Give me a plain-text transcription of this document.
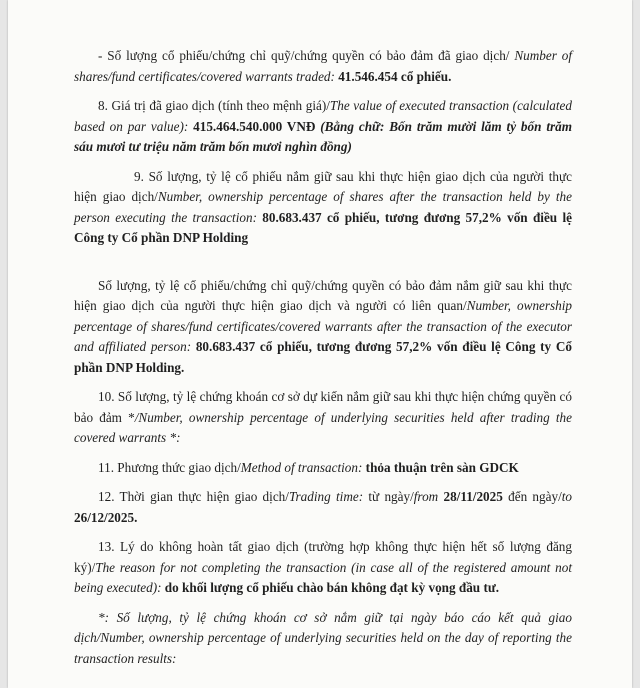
- Số lượng cổ phiếu/chứng chỉ quỹ/chứng quyền có bảo đảm đã giao dịch/ Number of shares/fund certificates/covered warrants traded: 41.546.454 cổ phiếu.

8. Giá trị đã giao dịch (tính theo mệnh giá)/The value of executed transaction (calculated based on par value): 415.464.540.000 VNĐ (Bằng chữ: Bốn trăm mười lăm tỷ bốn trăm sáu mươi tư triệu năm trăm bốn mươi nghìn đồng)

9. Số lượng, tỷ lệ cổ phiếu nắm giữ sau khi thực hiện giao dịch của người thực hiện giao dịch/Number, ownership percentage of shares after the transaction held by the person executing the transaction: 80.683.437 cổ phiếu, tương đương 57,2% vốn điều lệ Công ty Cổ phần DNP Holding

Số lượng, tỷ lệ cổ phiếu/chứng chỉ quỹ/chứng quyền có bảo đảm nắm giữ sau khi thực hiện giao dịch của người thực hiện giao dịch và người có liên quan/Number, ownership percentage of shares/fund certificates/covered warrants after the transaction of the executor and affiliated person: 80.683.437 cổ phiếu, tương đương 57,2% vốn điều lệ Công ty Cổ phần DNP Holding.

10. Số lượng, tỷ lệ chứng khoán cơ sở dự kiến nắm giữ sau khi thực hiện chứng quyền có bảo đảm */Number, ownership percentage of underlying securities held after trading the covered warrants *:

11. Phương thức giao dịch/Method of transaction: thỏa thuận trên sàn GDCK

12. Thời gian thực hiện giao dịch/Trading time: từ ngày/from 28/11/2025 đến ngày/to 26/12/2025.

13. Lý do không hoàn tất giao dịch (trường hợp không thực hiện hết số lượng đăng ký)/The reason for not completing the transaction (in case all of the registered amount not being executed): do khối lượng cổ phiếu chào bán không đạt kỳ vọng đầu tư.

*: Số lượng, tỷ lệ chứng khoán cơ sở nắm giữ tại ngày báo cáo kết quả giao dịch/Number, ownership percentage of underlying securities held on the day of reporting the transaction results:
